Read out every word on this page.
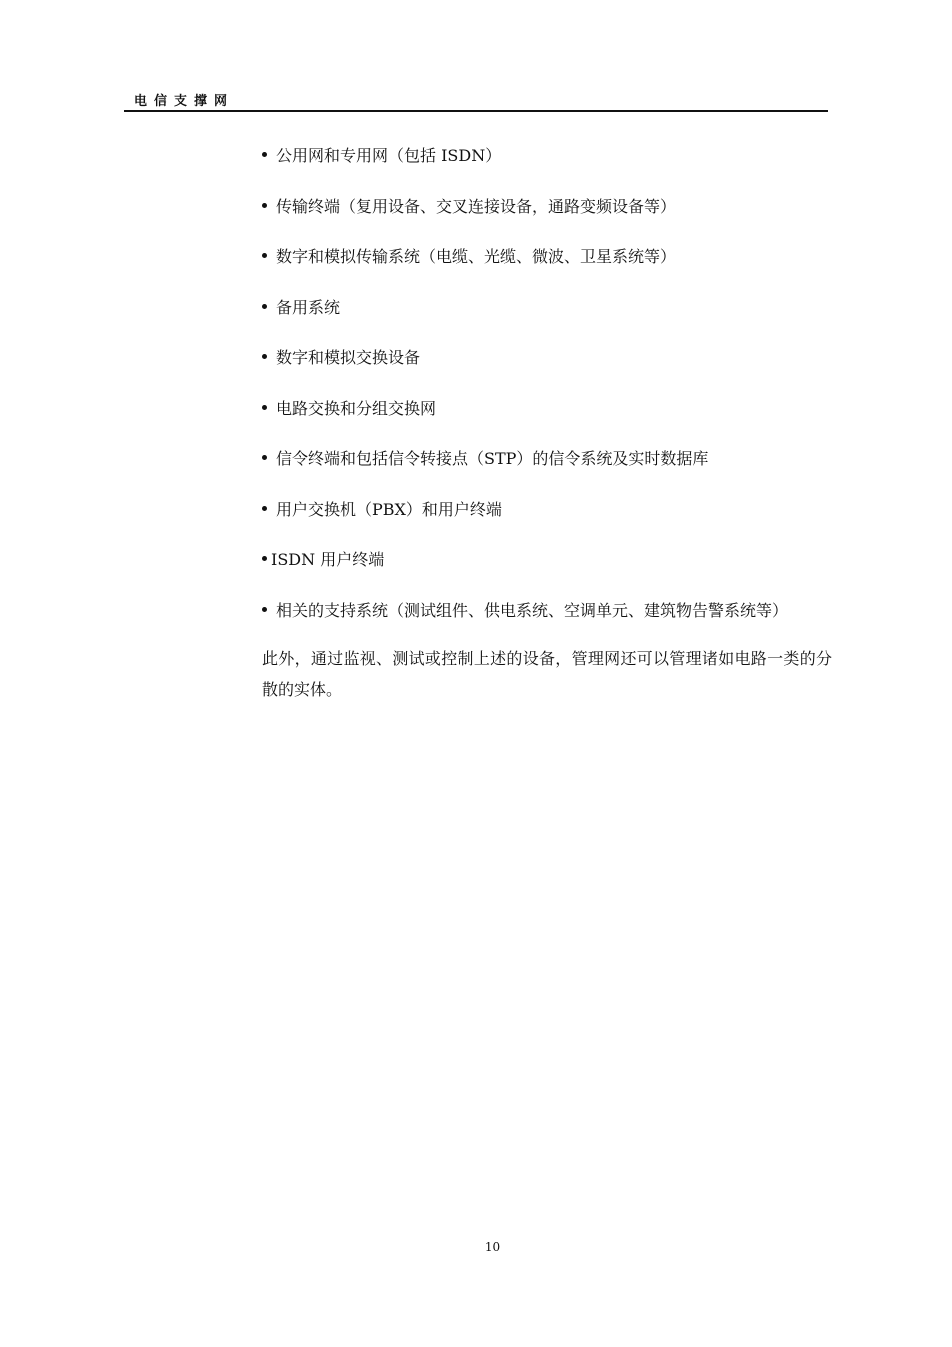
电信支撑网
公用网和专用网（包括 ISDN）
传输终端（复用设备、交叉连接设备，通路变频设备等）
数字和模拟传输系统（电缆、光缆、微波、卫星系统等）
备用系统
数字和模拟交换设备
电路交换和分组交换网
信令终端和包括信令转接点（STP）的信令系统及实时数据库
用户交换机（PBX）和用户终端
ISDN 用户终端
相关的支持系统（测试组件、供电系统、空调单元、建筑物告警系统等）

此外，通过监视、测试或控制上述的设备，管理网还可以管理诸如电路一类的分散的实体。

10
